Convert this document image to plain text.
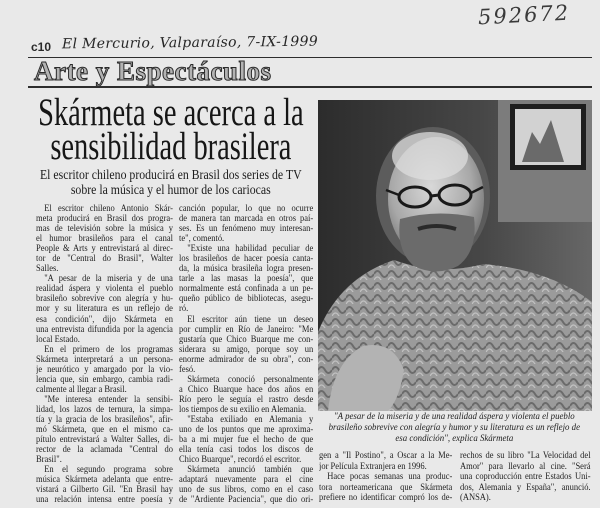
592672
c10 El Mercurio, Valparaíso, 7-IX-1999
Arte y Espectáculos
Skármeta se acerca a la
sensibilidad brasilera
El escritor chileno producirá en Brasil dos series de TV
sobre la música y el humor de los cariocas
"A pesar de la miseria y de una realidad áspera y violenta el pueblo
brasileño sobrevive con alegría y humor y su literatura es un reflejo de
esa condición", explica Skármeta
El escritor chileno Antonio Skár-
meta producirá en Brasil dos progra-
mas de televisión sobre la música y
el humor brasileños para el canal
People & Arts y entrevistará al direc-
tor de "Central do Brasil", Walter
Salles.
"A pesar de la miseria y de una
realidad áspera y violenta el pueblo
brasileño sobrevive con alegría y hu-
mor y su literatura es un reflejo de
esa condición", dijo Skármeta en
una entrevista difundida por la agencia
local Estado.
En el primero de los programas
Skármeta interpretará a un persona-
je neurótico y amargado por la vio-
lencia que, sin embargo, cambia radi-
calmente al llegar a Brasil.
"Me interesa entender la sensibi-
lidad, los lazos de ternura, la simpa-
tía y la gracia de los brasileños", afir-
mó Skármeta, que en el mismo ca-
pítulo entrevistará a Walter Salles, di-
rector de la aclamada "Central do
Brasil".
En el segundo programa sobre
música Skármeta adelanta que entre-
vistará a Gilberto Gil. "En Brasil hay
una relación intensa entre poesía y
canción popular, lo que no ocurre
de manera tan marcada en otros paí-
ses. Es un fenómeno muy interesan-
te", comentó.
"Existe una habilidad peculiar de
los brasileños de hacer poesía canta-
da, la música brasileña logra presen-
tarle a las masas la poesía", que
normalmente está confinada a un pe-
queño público de bibliotecas, asegu-
ró.
El escritor aún tiene un deseo
por cumplir en Río de Janeiro: "Me
gustaría que Chico Buarque me con-
siderara su amigo, porque soy un
enorme admirador de su obra", con-
fesó.
Skármeta conoció personalmente
a Chico Buarque hace dos años en
Río pero le seguía el rastro desde
los tiempos de su exilio en Alemania.
"Estaba exiliado en Alemania y
uno de los puntos que me aproxima-
ba a mi mujer fue el hecho de que
ella tenía casi todos los discos de
Chico Buarque", recordó el escritor.
Skármeta anunció también que
adaptará nuevamente para el cine
uno de sus libros, como en el caso
de "Ardiente Paciencia", que dio ori-
gen a "Il Postino", a Oscar a la Me-
jor Película Extranjera en 1996.
Hace pocas semanas una produc-
tora norteamericana que Skármeta
prefiere no identificar compró los de-
rechos de su libro "La Velocidad del
Amor" para llevarlo al cine. "Será
una coproducción entre Estados Uni-
dos, Alemania y España", anunció.
(ANSA).
